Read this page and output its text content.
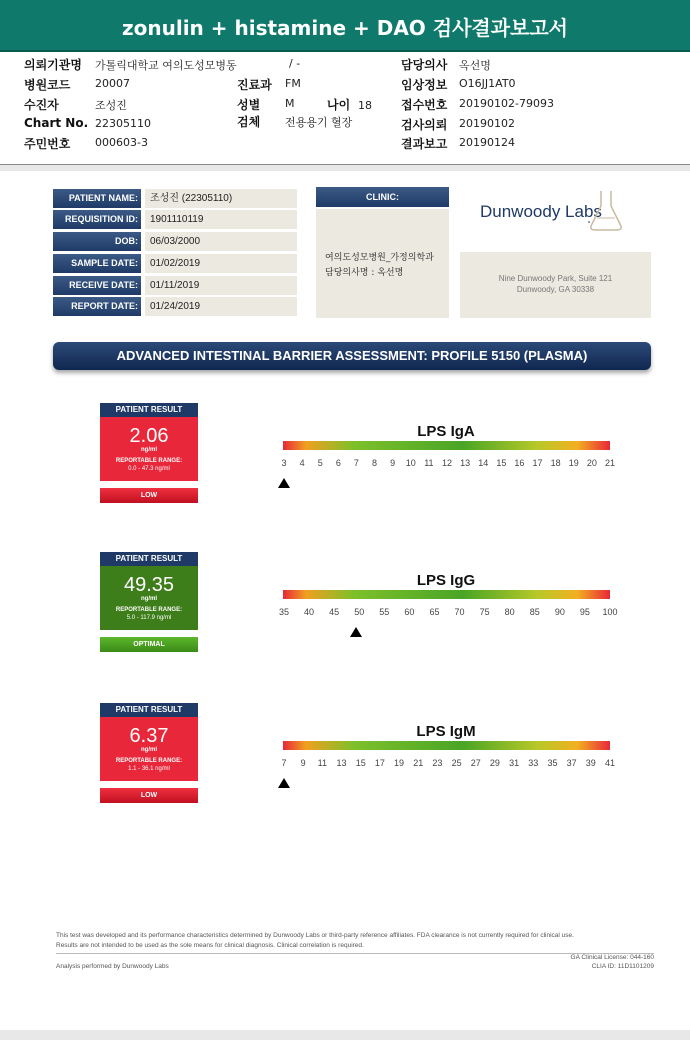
zonulin + histamine + DAO 검사결과보고서
의뢰기관명 가톨릭대학교 여의도성모병동
병원코드 20007
수진자	조성진
Chart No. 22305110
주민번호 000603-3
/ -
진료과 FM
성별 M
검체 전용용기 혈장
나이 18
담당의사 옥선명
임상정보 O16JJ1AT0
접수번호 20190102-79093
검사의뢰 20190102
결과보고 20190124
PATIENT NAME:	조성진 (22305110)
REQUISITION ID:	1901110119
DOB:	06/03/2000
SAMPLE DATE:	01/02/2019
RECEIVE DATE:	01/11/2019
REPORT DATE:	01/24/2019
CLINIC:
여의도성모병원_가정의학과
담당의사명 : 옥선명
Dunwoody Labs
Nine Dunwoody Park, Suite 121
Dunwoody, GA 30338
ADVANCED INTESTINAL BARRIER ASSESSMENT: PROFILE 5150 (PLASMA)
PATIENT RESULT
2.06
ng/ml
REPORTABLE RANGE:
0.0 - 47.3 ng/ml
LOW
LPS IgA
3	4	5	6	7	8	9	10 11 12 13 14 15 16 17 18 19 20 21
PATIENT RESULT
49.35
ng/ml
REPORTABLE RANGE:
5.0 - 117.9 ng/ml
OPTIMAL
LPS IgG
35	40	45	50	55	60	65	70	75	80	85	90	95	100
PATIENT RESULT
6.37
ng/ml
REPORTABLE RANGE:
1.1 - 36.1 ng/ml
LOW
LPS IgM
7	9	11	13	15	17	19	21	23	25	27	29	31	33	35	37	39	41
This test was developed and its performance characteristics determined by Dunwoody Labs or third-party reference affiliates. FDA clearance is not currently required for clinical use.
Results are not intended to be used as the sole means for clinical diagnosis. Clinical correlation is required.
GA Clinical License: 044-160
CLIA ID: 11D1101209
Analysis performed by Dunwoody Labs
